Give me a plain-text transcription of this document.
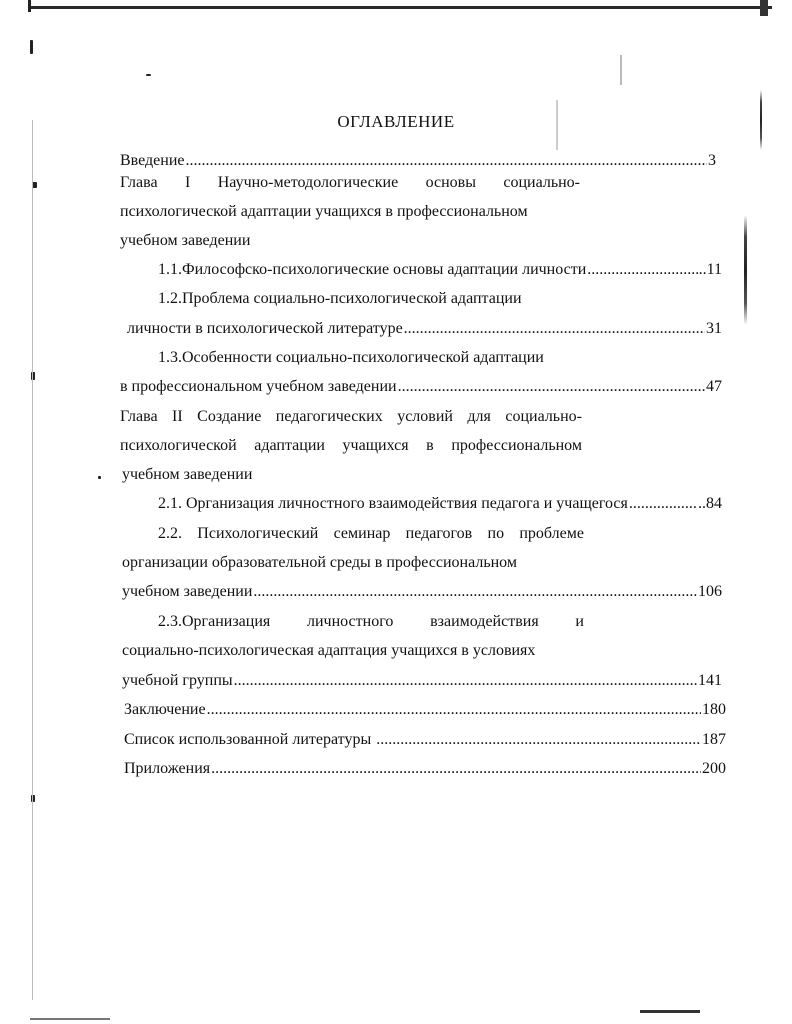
ОГЛАВЛЕНИЕ
Введение .....	3
Глава I Научно-методологические основы социально-
психологической адаптации учащихся в профессиональном
учебном заведении
1.1.Философско-психологические основы адаптации личности .....	..11
1.2.Проблема социально-психологической адаптации
личности в психологической литературе .....	31
1.3.Особенности социально-психологической адаптации
в профессиональном учебном заведении .....	47
Глава II Создание педагогических условий для социально-
психологической адаптации учащихся в профессиональном
учебном заведении
2.1. Организация личностного взаимодействия педагога и учащегося .....	..84
2.2. Психологический семинар педагогов по проблеме
организации образовательной среды в профессиональном
учебном заведении .....	106
2.3.Организация личностного взаимодействия и
социально-психологическая адаптация учащихся в условиях
учебной группы .....	141
Заключение .....	180
Список использованной литературы .....	187
Приложения .....	200
